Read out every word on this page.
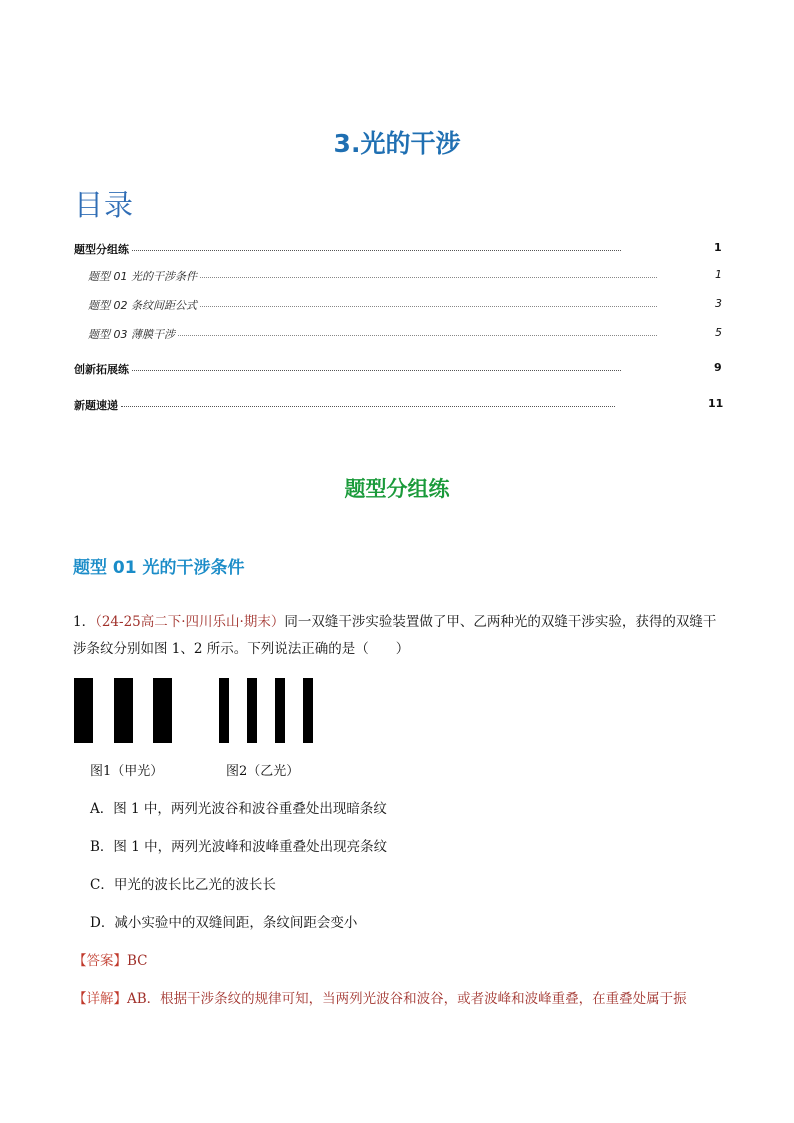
3.光的干涉
目录
题型分组练	1
题型 01 光的干涉条件	1
题型 02 条纹间距公式	3
题型 03 薄膜干涉	5
创新拓展练	9
新题速递	11
题型分组练
题型 01 光的干涉条件
1．（24-25高二下·四川乐山·期末）同一双缝干涉实验装置做了甲、乙两种光的双缝干涉实验，获得的双缝干涉条纹分别如图 1、2 所示。下列说法正确的是（　　）
图1（甲光）	图2（乙光）
A．图 1 中，两列光波谷和波谷重叠处出现暗条纹
B．图 1 中，两列光波峰和波峰重叠处出现亮条纹
C．甲光的波长比乙光的波长长
D．减小实验中的双缝间距，条纹间距会变小
【答案】BC
【详解】AB．根据干涉条纹的规律可知，当两列光波谷和波谷，或者波峰和波峰重叠，在重叠处属于振
